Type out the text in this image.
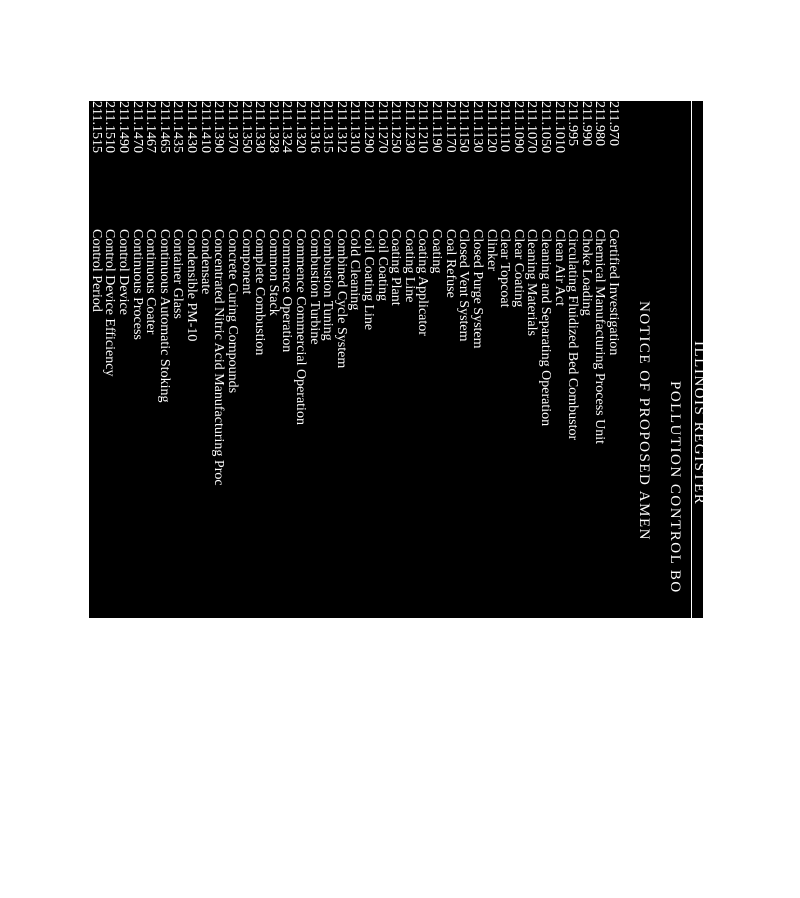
ILLINOIS REGISTER
POLLUTION CONTROL BO
NOTICE OF PROPOSED AMEN
211.970
Certified Investigation
211.980
Chemical Manufacturing Process Unit
211.990
Choke Loading
211.995
Circulating Fluidized Bed Combustor
211.1010
Clean Air Act
211.1050
Cleaning and Separating Operation
211.1070
Cleaning Materials
211.1090
Clear Coating
211.1110
Clear Topcoat
211.1120
Clinker
211.1130
Closed Purge System
211.1150
Closed Vent System
211.1170
Coal Refuse
211.1190
Coating
211.1210
Coating Applicator
211.1230
Coating Line
211.1250
Coating Plant
211.1270
Coil Coating
211.1290
Coil Coating Line
211.1310
Cold Cleaning
211.1312
Combined Cycle System
211.1315
Combustion Tuning
211.1316
Combustion Turbine
211.1320
Commence Commercial Operation
211.1324
Commence Operation
211.1328
Common Stack
211.1330
Complete Combustion
211.1350
Component
211.1370
Concrete Curing Compounds
211.1390
Concentrated Nitric Acid Manufacturing Proc
211.1410
Condensate
211.1430
Condensible PM-10
211.1435
Container Glass
211.1465
Continuous Automatic Stoking
211.1467
Continuous Coater
211.1470
Continuous Process
211.1490
Control Device
211.1510
Control Device Efficiency
211.1515
Control Period
